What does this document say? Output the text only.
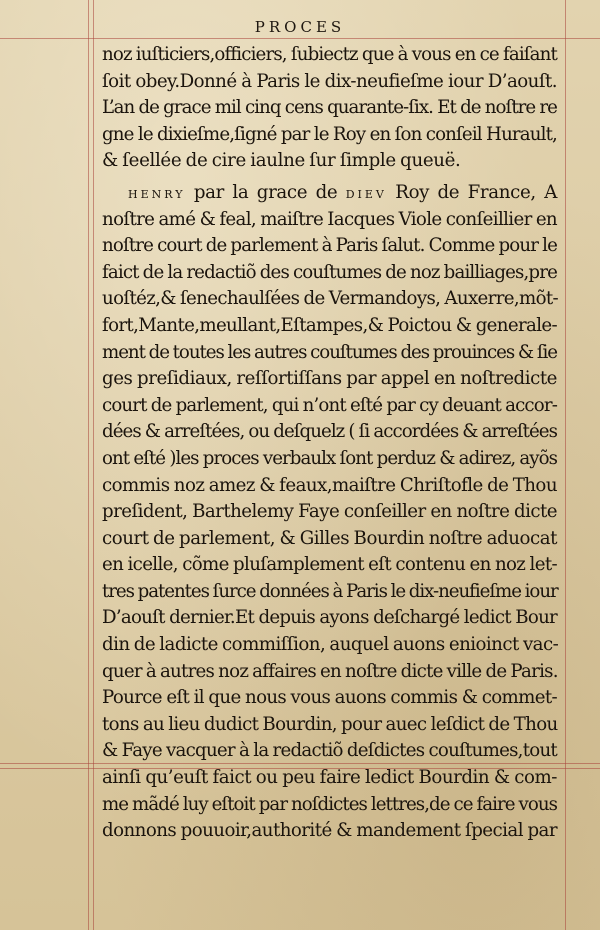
PROCES
noz iuſticiers,officiers, ſubiectz que à vous en ce faiſant
ſoit obey.Donné à Paris le dix-neufieſme iour D’aouſt.
L’an de grace mil cinq cens quarante-ſix. Et de noſtre re
gne le dixieſme,ſigné par le Roy en ſon conſeil Hurault,
& ſeellée de cire iaulne ſur ſimple queuë.
HENRY par la grace de DIEV Roy de France, A
noſtre amé & feal, maiſtre Iacques Viole conſeillier en
noſtre court de parlement à Paris ſalut. Comme pour le
faict de la redactiõ des couſtumes de noz bailliages,pre
uoſtéz,& ſenechaulſées de Vermandoys, Auxerre,mõt-
fort,Mante,meullant,Eſtampes,& Poictou & generale-
ment de toutes les autres couſtumes des prouinces & ſie
ges preſidiaux, reſſortiſſans par appel en noſtredicte
court de parlement, qui n’ont eſté par cy deuant accor-
dées & arreſtées, ou deſquelz ( ſi accordées & arreſtées
ont eſté )les proces verbaulx ſont perduz & adirez, ayõs
commis noz amez & feaux,maiſtre Chriſtofle de Thou
preſident, Barthelemy Faye conſeiller en noſtre dicte
court de parlement, & Gilles Bourdin noſtre aduocat
en icelle, cõme pluſamplement eſt contenu en noz let-
tres patentes ſurce données à Paris le dix-neufieſme iour
D’aouſt dernier.Et depuis ayons deſchargé ledict Bour
din de ladicte commiſſion, auquel auons enioinct vac-
quer à autres noz affaires en noſtre dicte ville de Paris.
Pource eſt il que nous vous auons commis & commet-
tons au lieu dudict Bourdin, pour auec leſdict de Thou
& Faye vacquer à la redactiõ deſdictes couſtumes,tout
ainſi qu’euſt faict ou peu faire ledict Bourdin & com-
me mãdé luy eſtoit par noſdictes lettres,de ce faire vous
donnons pouuoir,authorité & mandement ſpecial par
